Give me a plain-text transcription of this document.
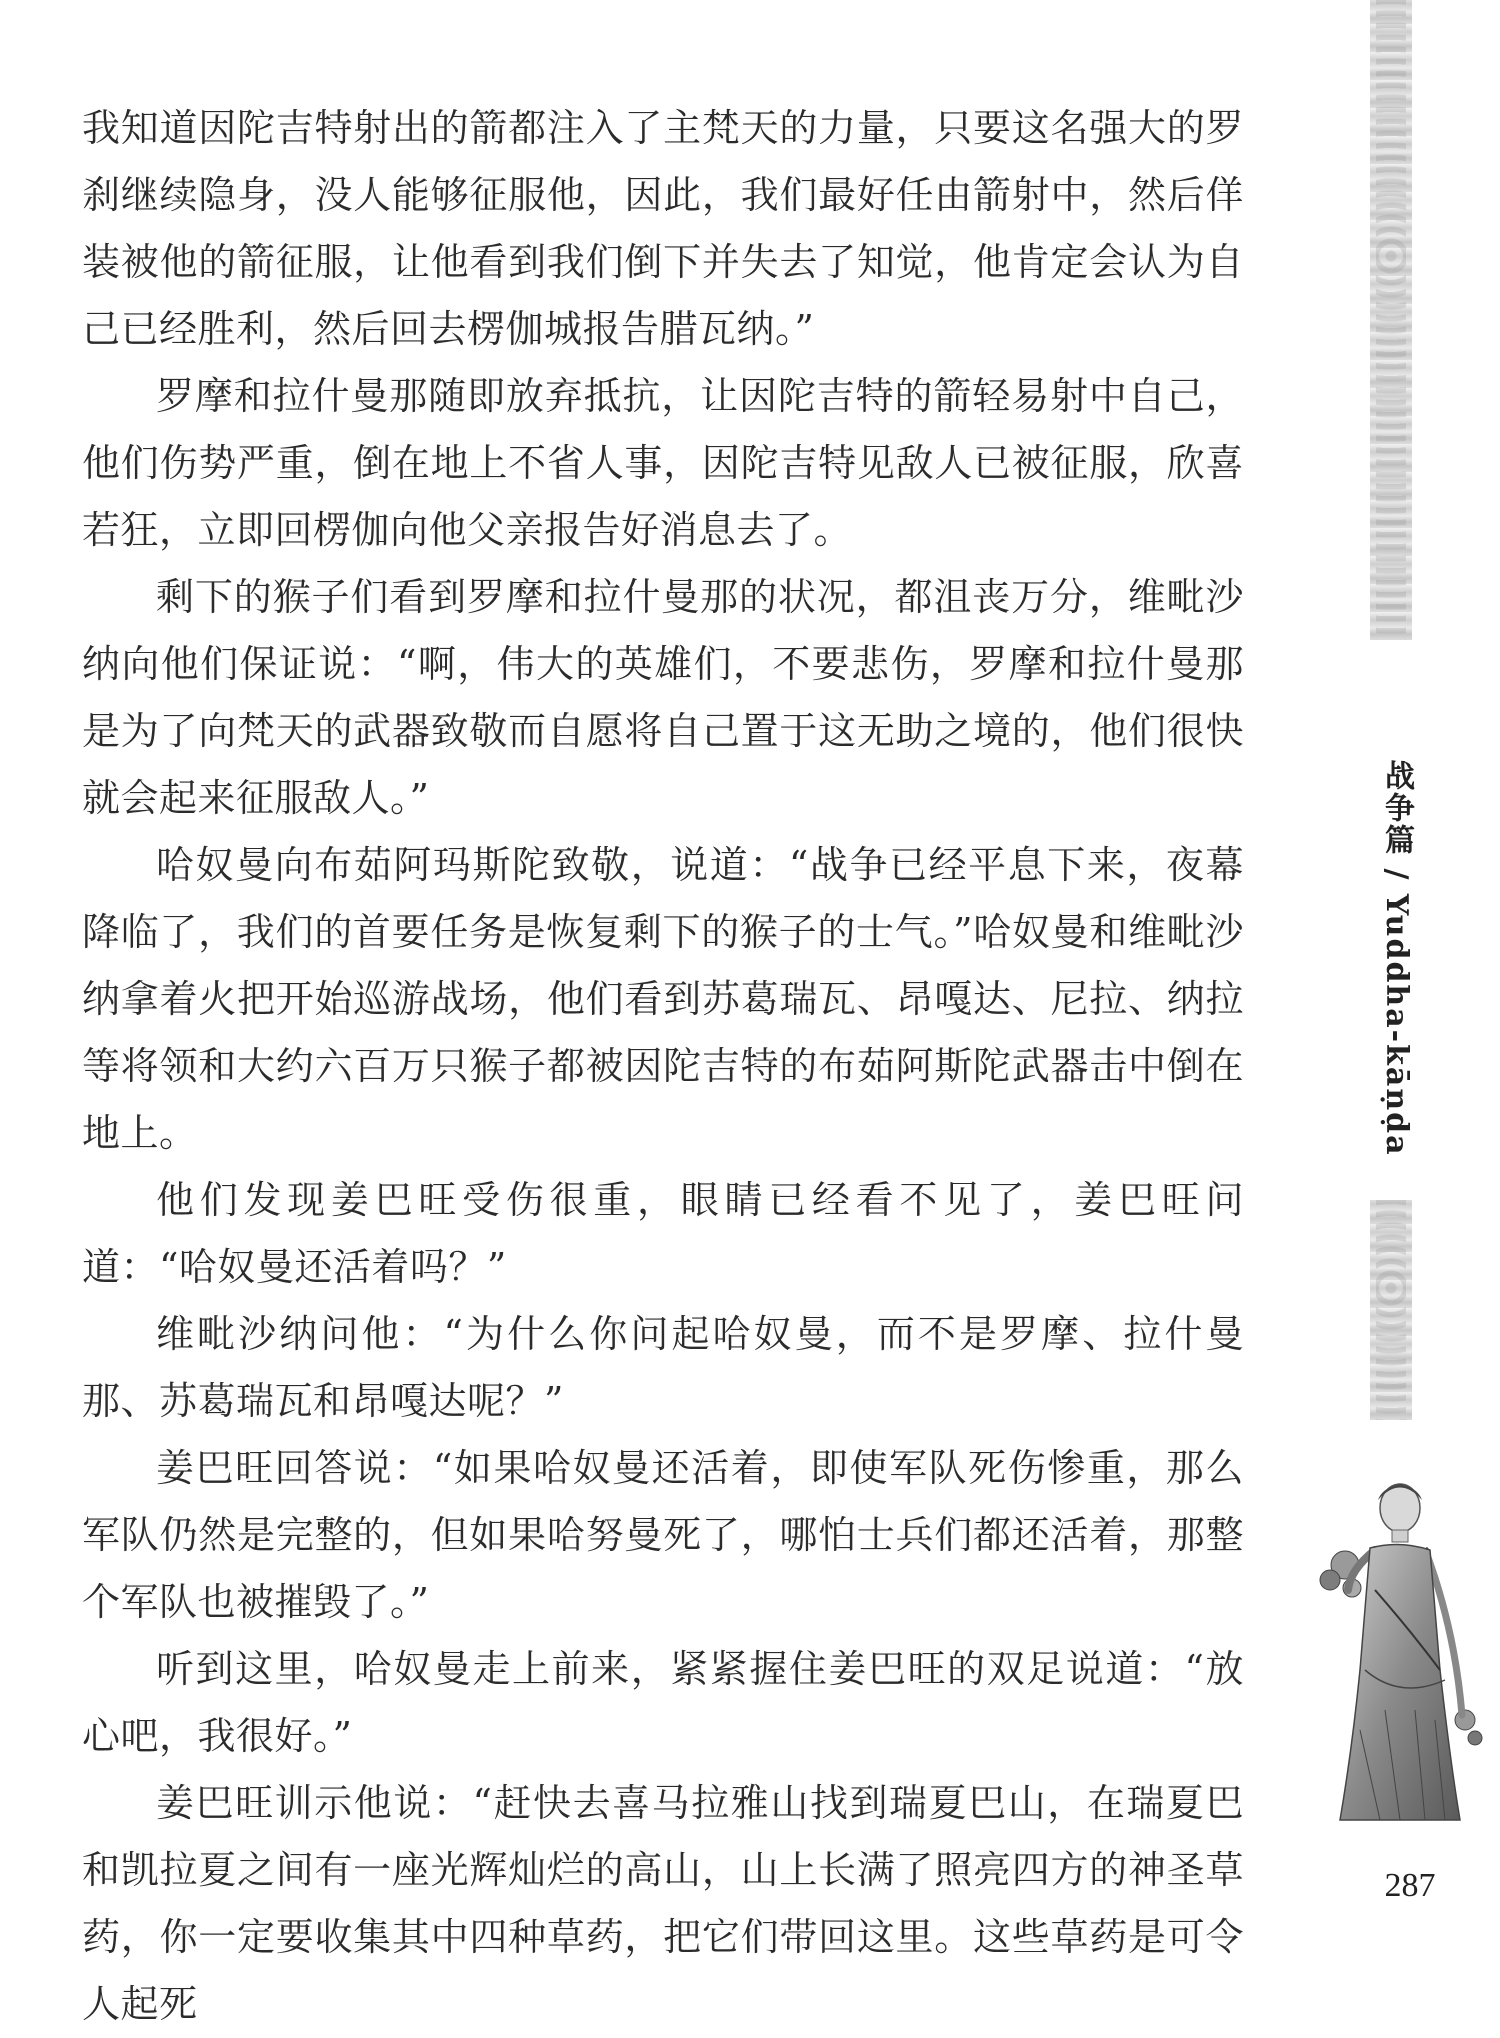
我知道因陀吉特射出的箭都注入了主梵天的力量，只要这名强大的罗刹继续隐身，没人能够征服他，因此，我们最好任由箭射中，然后佯装被他的箭征服，让他看到我们倒下并失去了知觉，他肯定会认为自己已经胜利，然后回去楞伽城报告腊瓦纳。”

罗摩和拉什曼那随即放弃抵抗，让因陀吉特的箭轻易射中自己，他们伤势严重，倒在地上不省人事，因陀吉特见敌人已被征服，欣喜若狂，立即回楞伽向他父亲报告好消息去了。

剩下的猴子们看到罗摩和拉什曼那的状况，都沮丧万分，维毗沙纳向他们保证说：“啊，伟大的英雄们，不要悲伤，罗摩和拉什曼那是为了向梵天的武器致敬而自愿将自己置于这无助之境的，他们很快就会起来征服敌人。”

哈奴曼向布茹阿玛斯陀致敬，说道：“战争已经平息下来，夜幕降临了，我们的首要任务是恢复剩下的猴子的士气。”哈奴曼和维毗沙纳拿着火把开始巡游战场，他们看到苏葛瑞瓦、昂嘎达、尼拉、纳拉等将领和大约六百万只猴子都被因陀吉特的布茹阿斯陀武器击中倒在地上。

他们发现姜巴旺受伤很重，眼睛已经看不见了，姜巴旺问道：“哈奴曼还活着吗？”

维毗沙纳问他：“为什么你问起哈奴曼，而不是罗摩、拉什曼那、苏葛瑞瓦和昂嘎达呢？”

姜巴旺回答说：“如果哈奴曼还活着，即使军队死伤惨重，那么军队仍然是完整的，但如果哈努曼死了，哪怕士兵们都还活着，那整个军队也被摧毁了。”

听到这里，哈奴曼走上前来，紧紧握住姜巴旺的双足说道：“放心吧，我很好。”

姜巴旺训示他说：“赶快去喜马拉雅山找到瑞夏巴山，在瑞夏巴和凯拉夏之间有一座光辉灿烂的高山，山上长满了照亮四方的神圣草药，你一定要收集其中四种草药，把它们带回这里。这些草药是可令人起死

战争篇 / Yuddha-kāṇḍa
287
